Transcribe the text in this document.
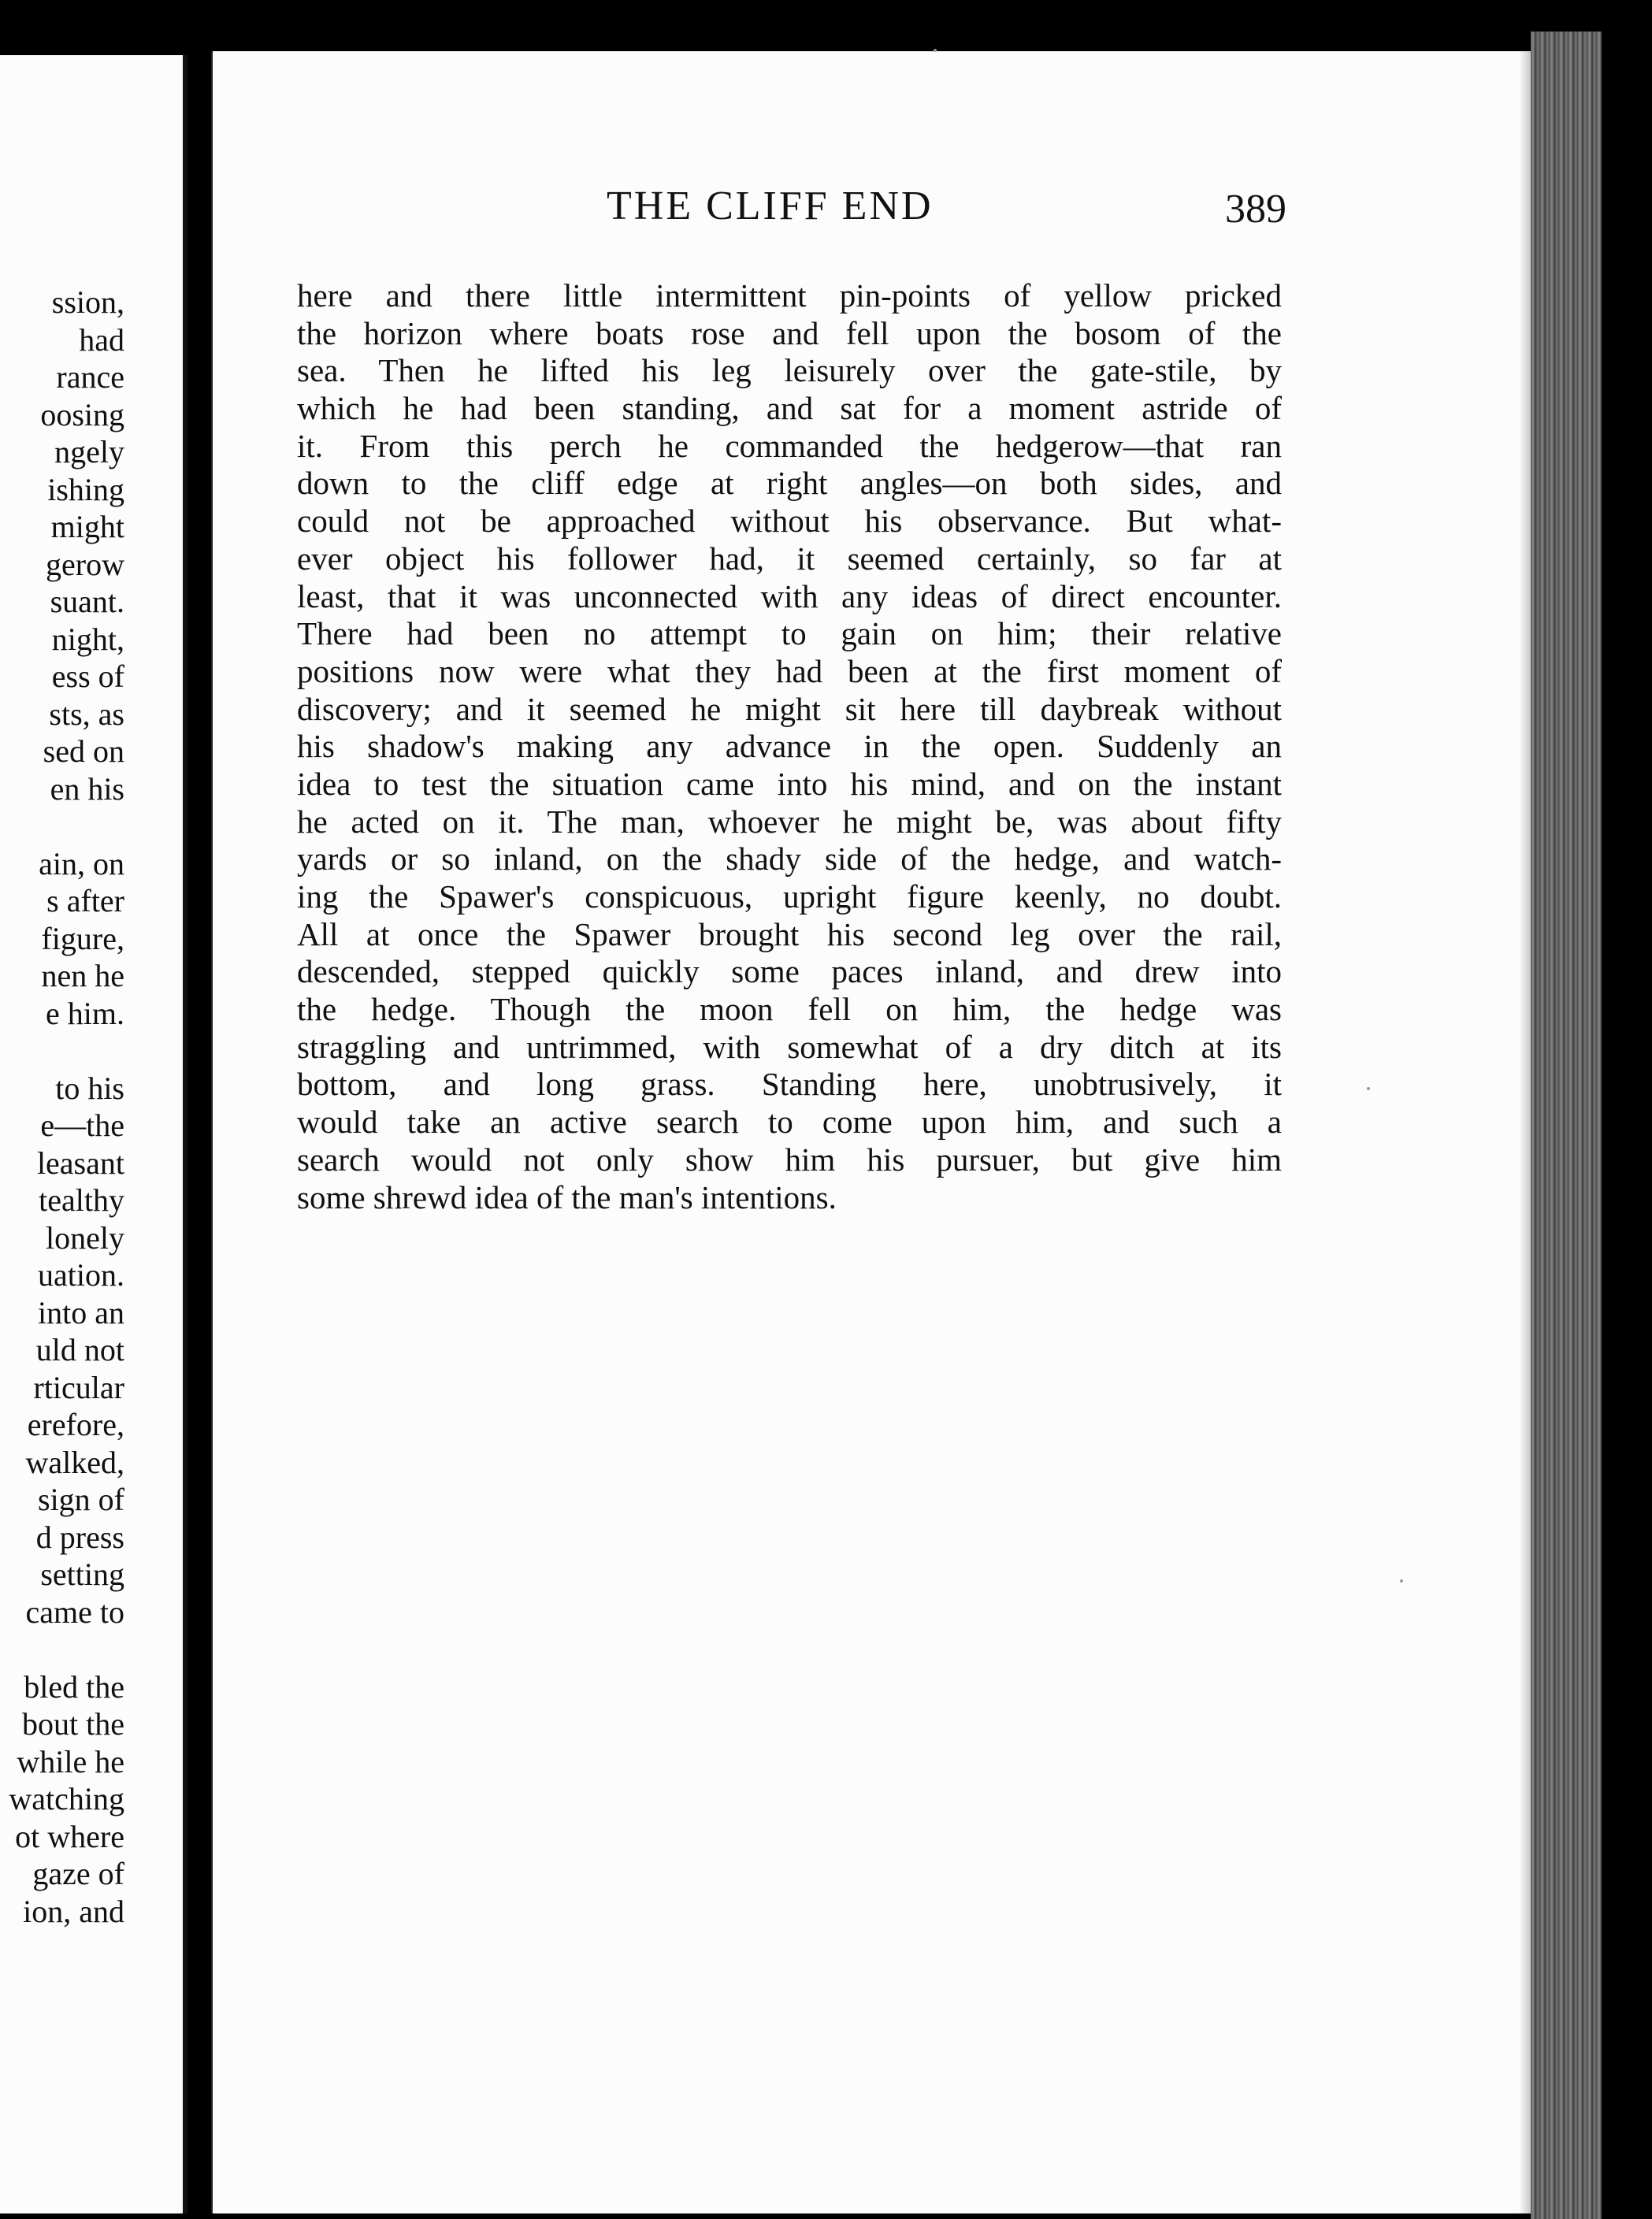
ssion,
had
rance
oosing
ngely
ishing
might
gerow
suant.
night,
ess of
sts, as
sed on
en his
ain, on
s after
figure,
nen he
e him.
to his
e—the
leasant
tealthy
lonely
uation.
into an
uld not
rticular
erefore,
walked,
sign of
d press
setting
came to
bled the
bout the
while he
watching
ot where
gaze of
ion, and
THE CLIFF END	389
here and there little intermittent pin-points of yellow pricked
the horizon where boats rose and fell upon the bosom of the
sea. Then he lifted his leg leisurely over the gate-stile, by
which he had been standing, and sat for a moment astride of
it. From this perch he commanded the hedgerow—that ran
down to the cliff edge at right angles—on both sides, and
could not be approached without his observance. But what-
ever object his follower had, it seemed certainly, so far at
least, that it was unconnected with any ideas of direct encounter.
There had been no attempt to gain on him; their relative
positions now were what they had been at the first moment of
discovery; and it seemed he might sit here till daybreak without
his shadow's making any advance in the open. Suddenly an
idea to test the situation came into his mind, and on the instant
he acted on it. The man, whoever he might be, was about fifty
yards or so inland, on the shady side of the hedge, and watch-
ing the Spawer's conspicuous, upright figure keenly, no doubt.
All at once the Spawer brought his second leg over the rail,
descended, stepped quickly some paces inland, and drew into
the hedge. Though the moon fell on him, the hedge was
straggling and untrimmed, with somewhat of a dry ditch at its
bottom, and long grass. Standing here, unobtrusively, it
would take an active search to come upon him, and such a
search would not only show him his pursuer, but give him
some shrewd idea of the man's intentions.
